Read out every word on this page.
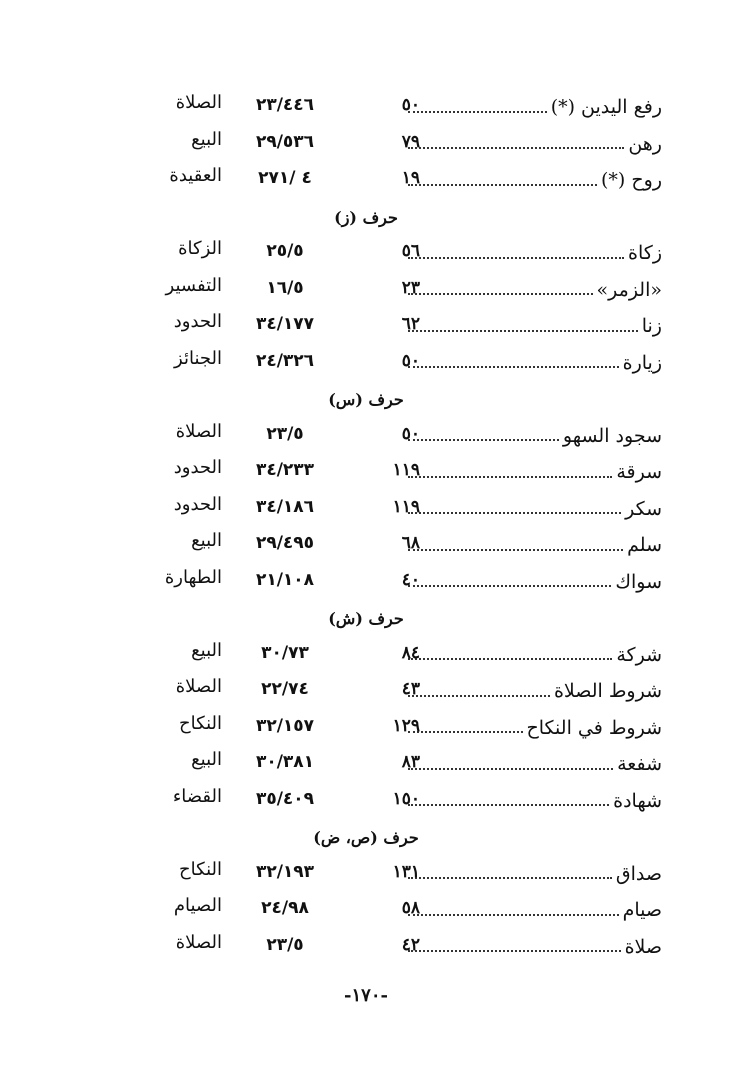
رفع اليدين (*)
٥٠
٢٣/٤٤٦
الصلاة
رهن
٧٩
٢٩/٥٣٦
البيع
روح (*)
١٩
٤ /٢٧١
العقيدة
حرف (ز)
زكاة
٥٦
٢٥/٥
الزكاة
«الزمر»
٢٣
١٦/٥
التفسير
زنا
٦٢
٣٤/١٧٧
الحدود
زيارة
٥٠
٢٤/٣٢٦
الجنائز
حرف (س)
سجود السهو
٥٠
٢٣/٥
الصلاة
سرقة
١١٩
٣٤/٢٣٣
الحدود
سكر
١١٩
٣٤/١٨٦
الحدود
سلم
٦٨
٢٩/٤٩٥
البيع
سواك
٤٠
٢١/١٠٨
الطهارة
حرف (ش)
شركة
٨٤
٣٠/٧٣
البيع
شروط الصلاة
٤٣
٢٢/٧٤
الصلاة
شروط في النكاح
١٢٩
٣٢/١٥٧
النكاح
شفعة
٨٣
٣٠/٣٨١
البيع
شهادة
١٥٠
٣٥/٤٠٩
القضاء
حرف (ص، ض)
صداق
١٣١
٣٢/١٩٣
النكاح
صيام
٥٨
٢٤/٩٨
الصيام
صلاة
٤٢
٢٣/٥
الصلاة
-١٧٠-
